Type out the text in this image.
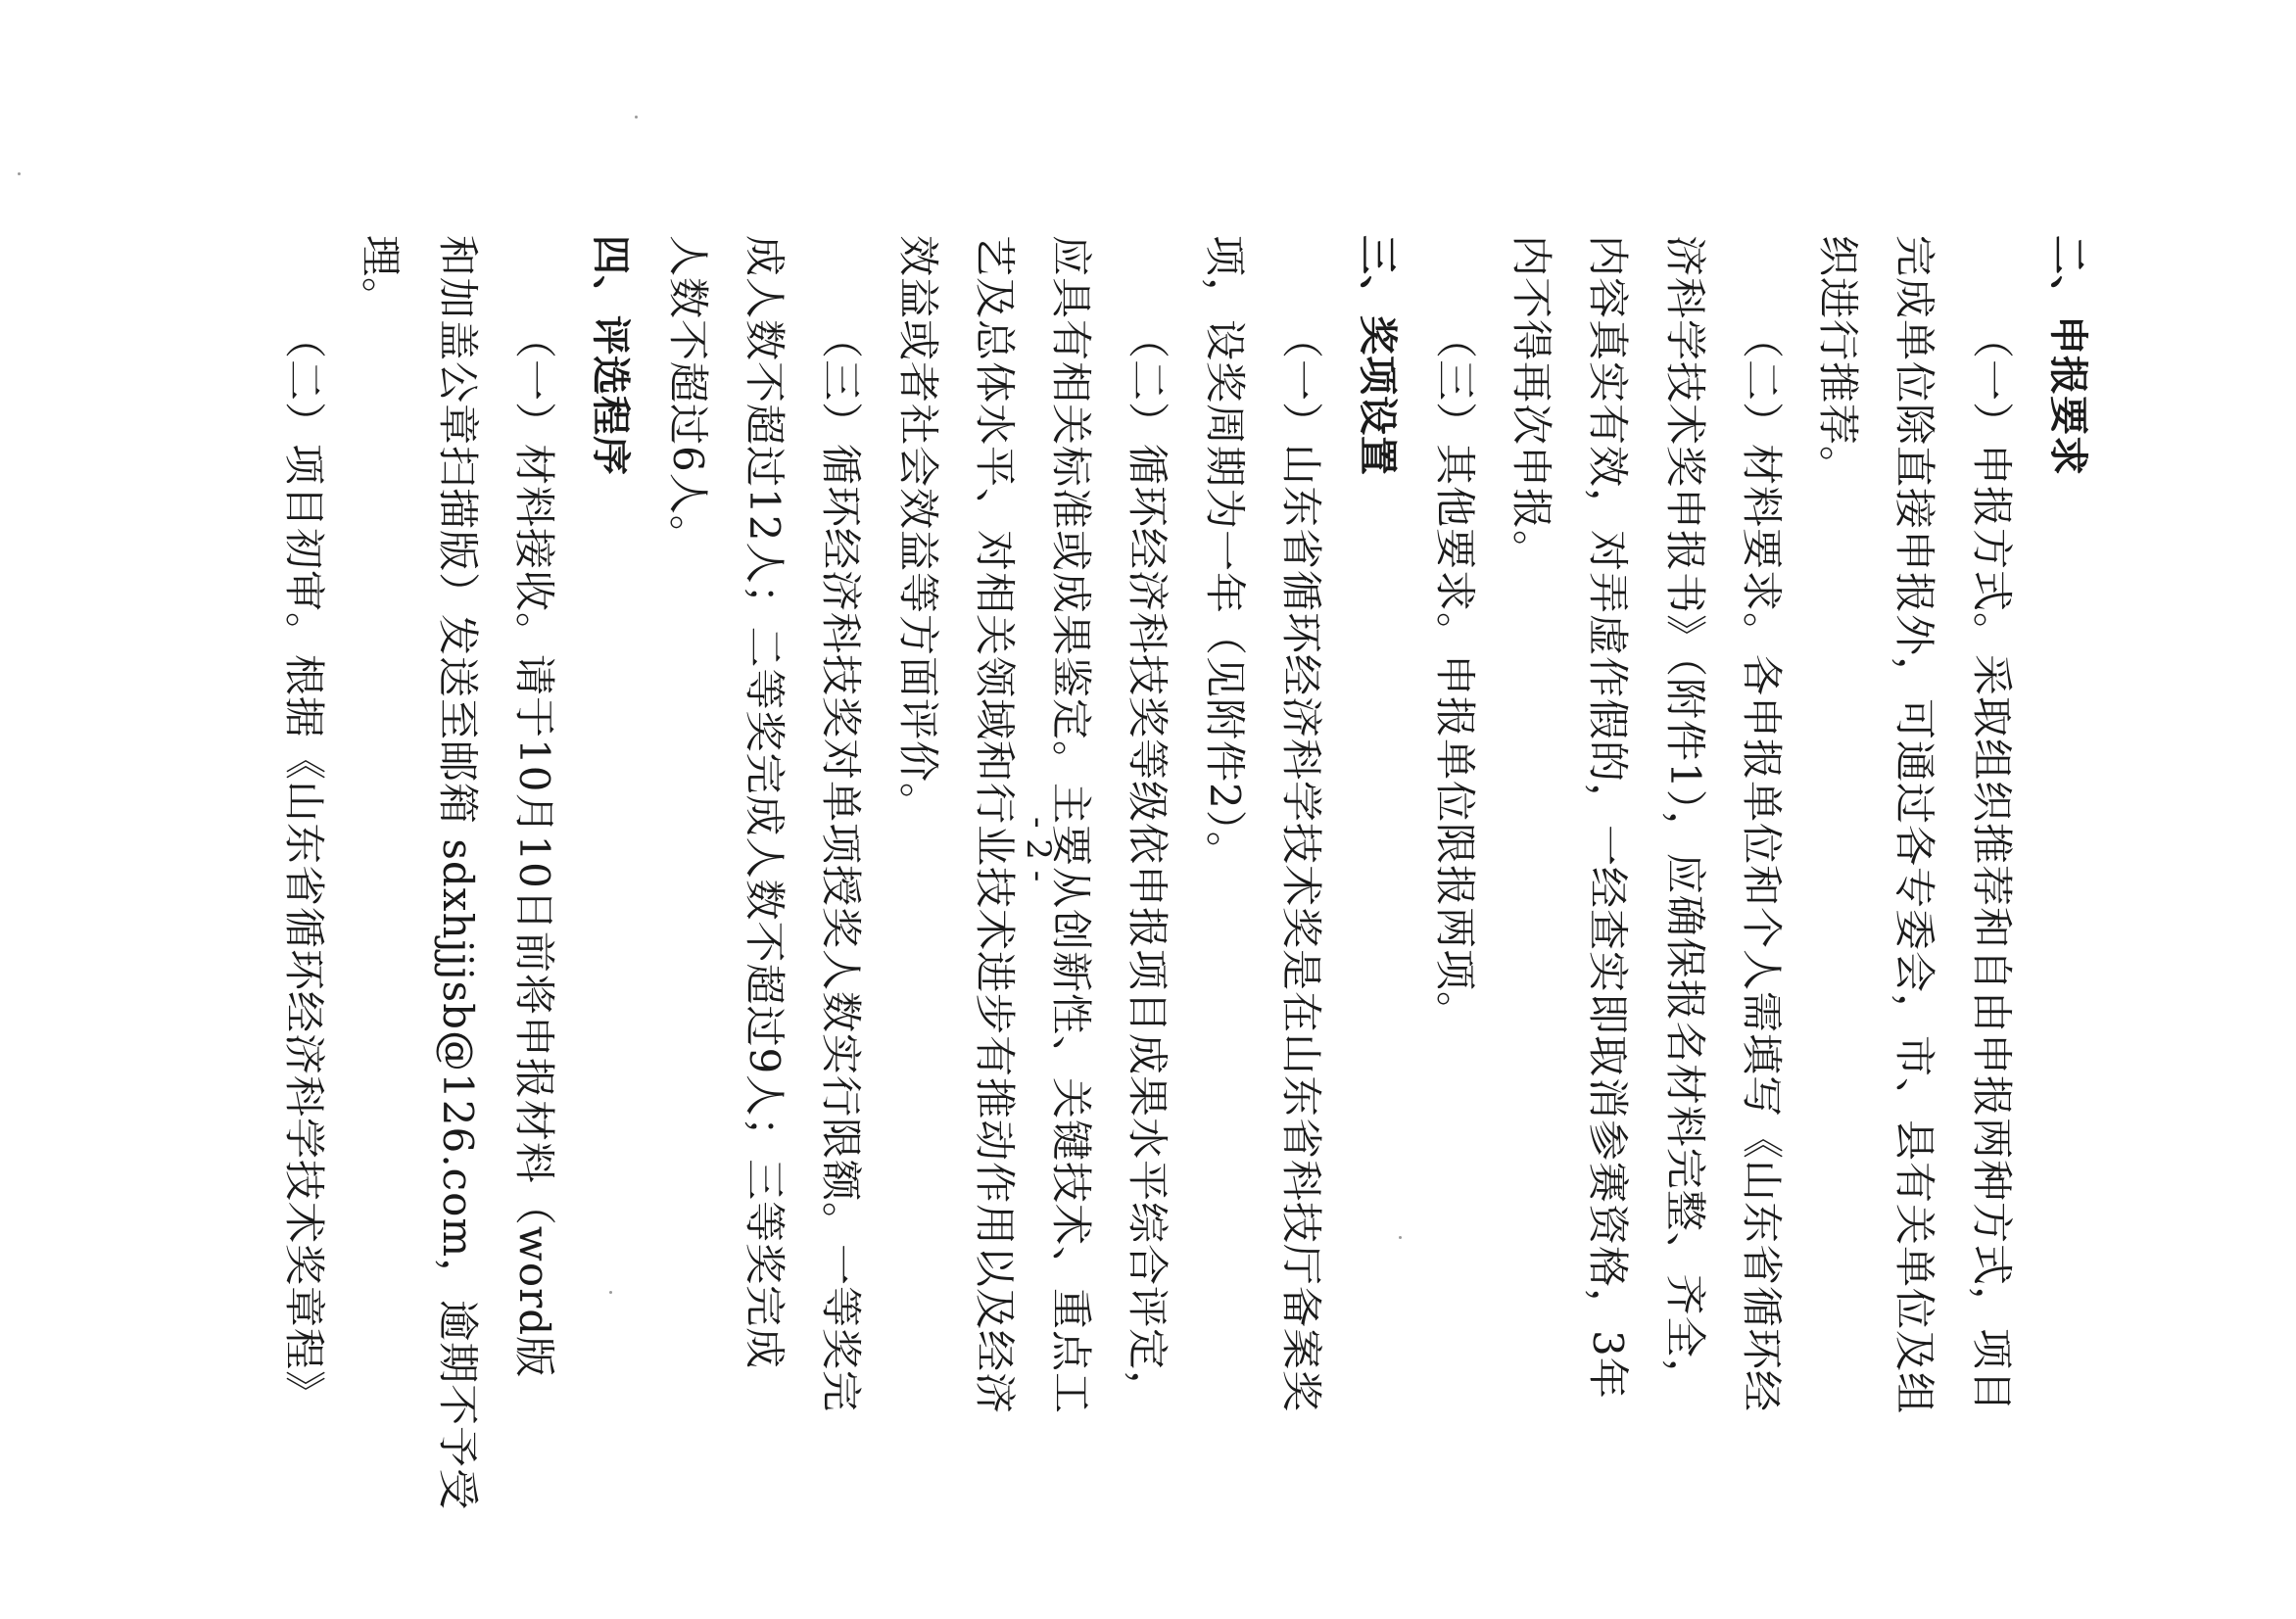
二、申报要求
（一）申报方式。采取组织推荐和自由申报两种方式，项目
完成单位除直接申报外，可通过各专委会，市、县有关单位及组
织进行推荐。
（二）材料要求。各申报单位和个人需填写《山东省循环经
济科学技术奖申报书》（附件1），应确保报名材料完整、齐全，
内容真实有效，对弄虚作假的，一经查实即取消参赛资格，3年
内不得再次申报。
（三）其他要求。申报单位限报两项。
三、奖项设置
（一）山东省循环经济科学技术奖是在山东省科技厅备案奖
项，设奖周期为一年（见附件2）。
（二）循环经济科技奖等级依申报项目成果水平综合评定，
应具有相关标准或成果鉴定。主要从创新性、关键技术、重点工
艺及总体水平、对相关领域和行业技术进步有推动作用以及经济
效益或者社会效益等方面评价。
（三）循环经济科技奖对单项授奖人数实行限额。一等奖完
成人数不超过12人；二等奖完成人数不超过9人；三等奖完成
人数不超过6人。
四、评选程序
（一）材料接收。请于10月10日前将申报材料（word版
和加盖公章扫描版）发送至邮箱 sdxhjjjsb@126.com，逾期不予受
理。
（二）项目初审。根据《山东省循环经济科学技术奖章程》	- 2 -
